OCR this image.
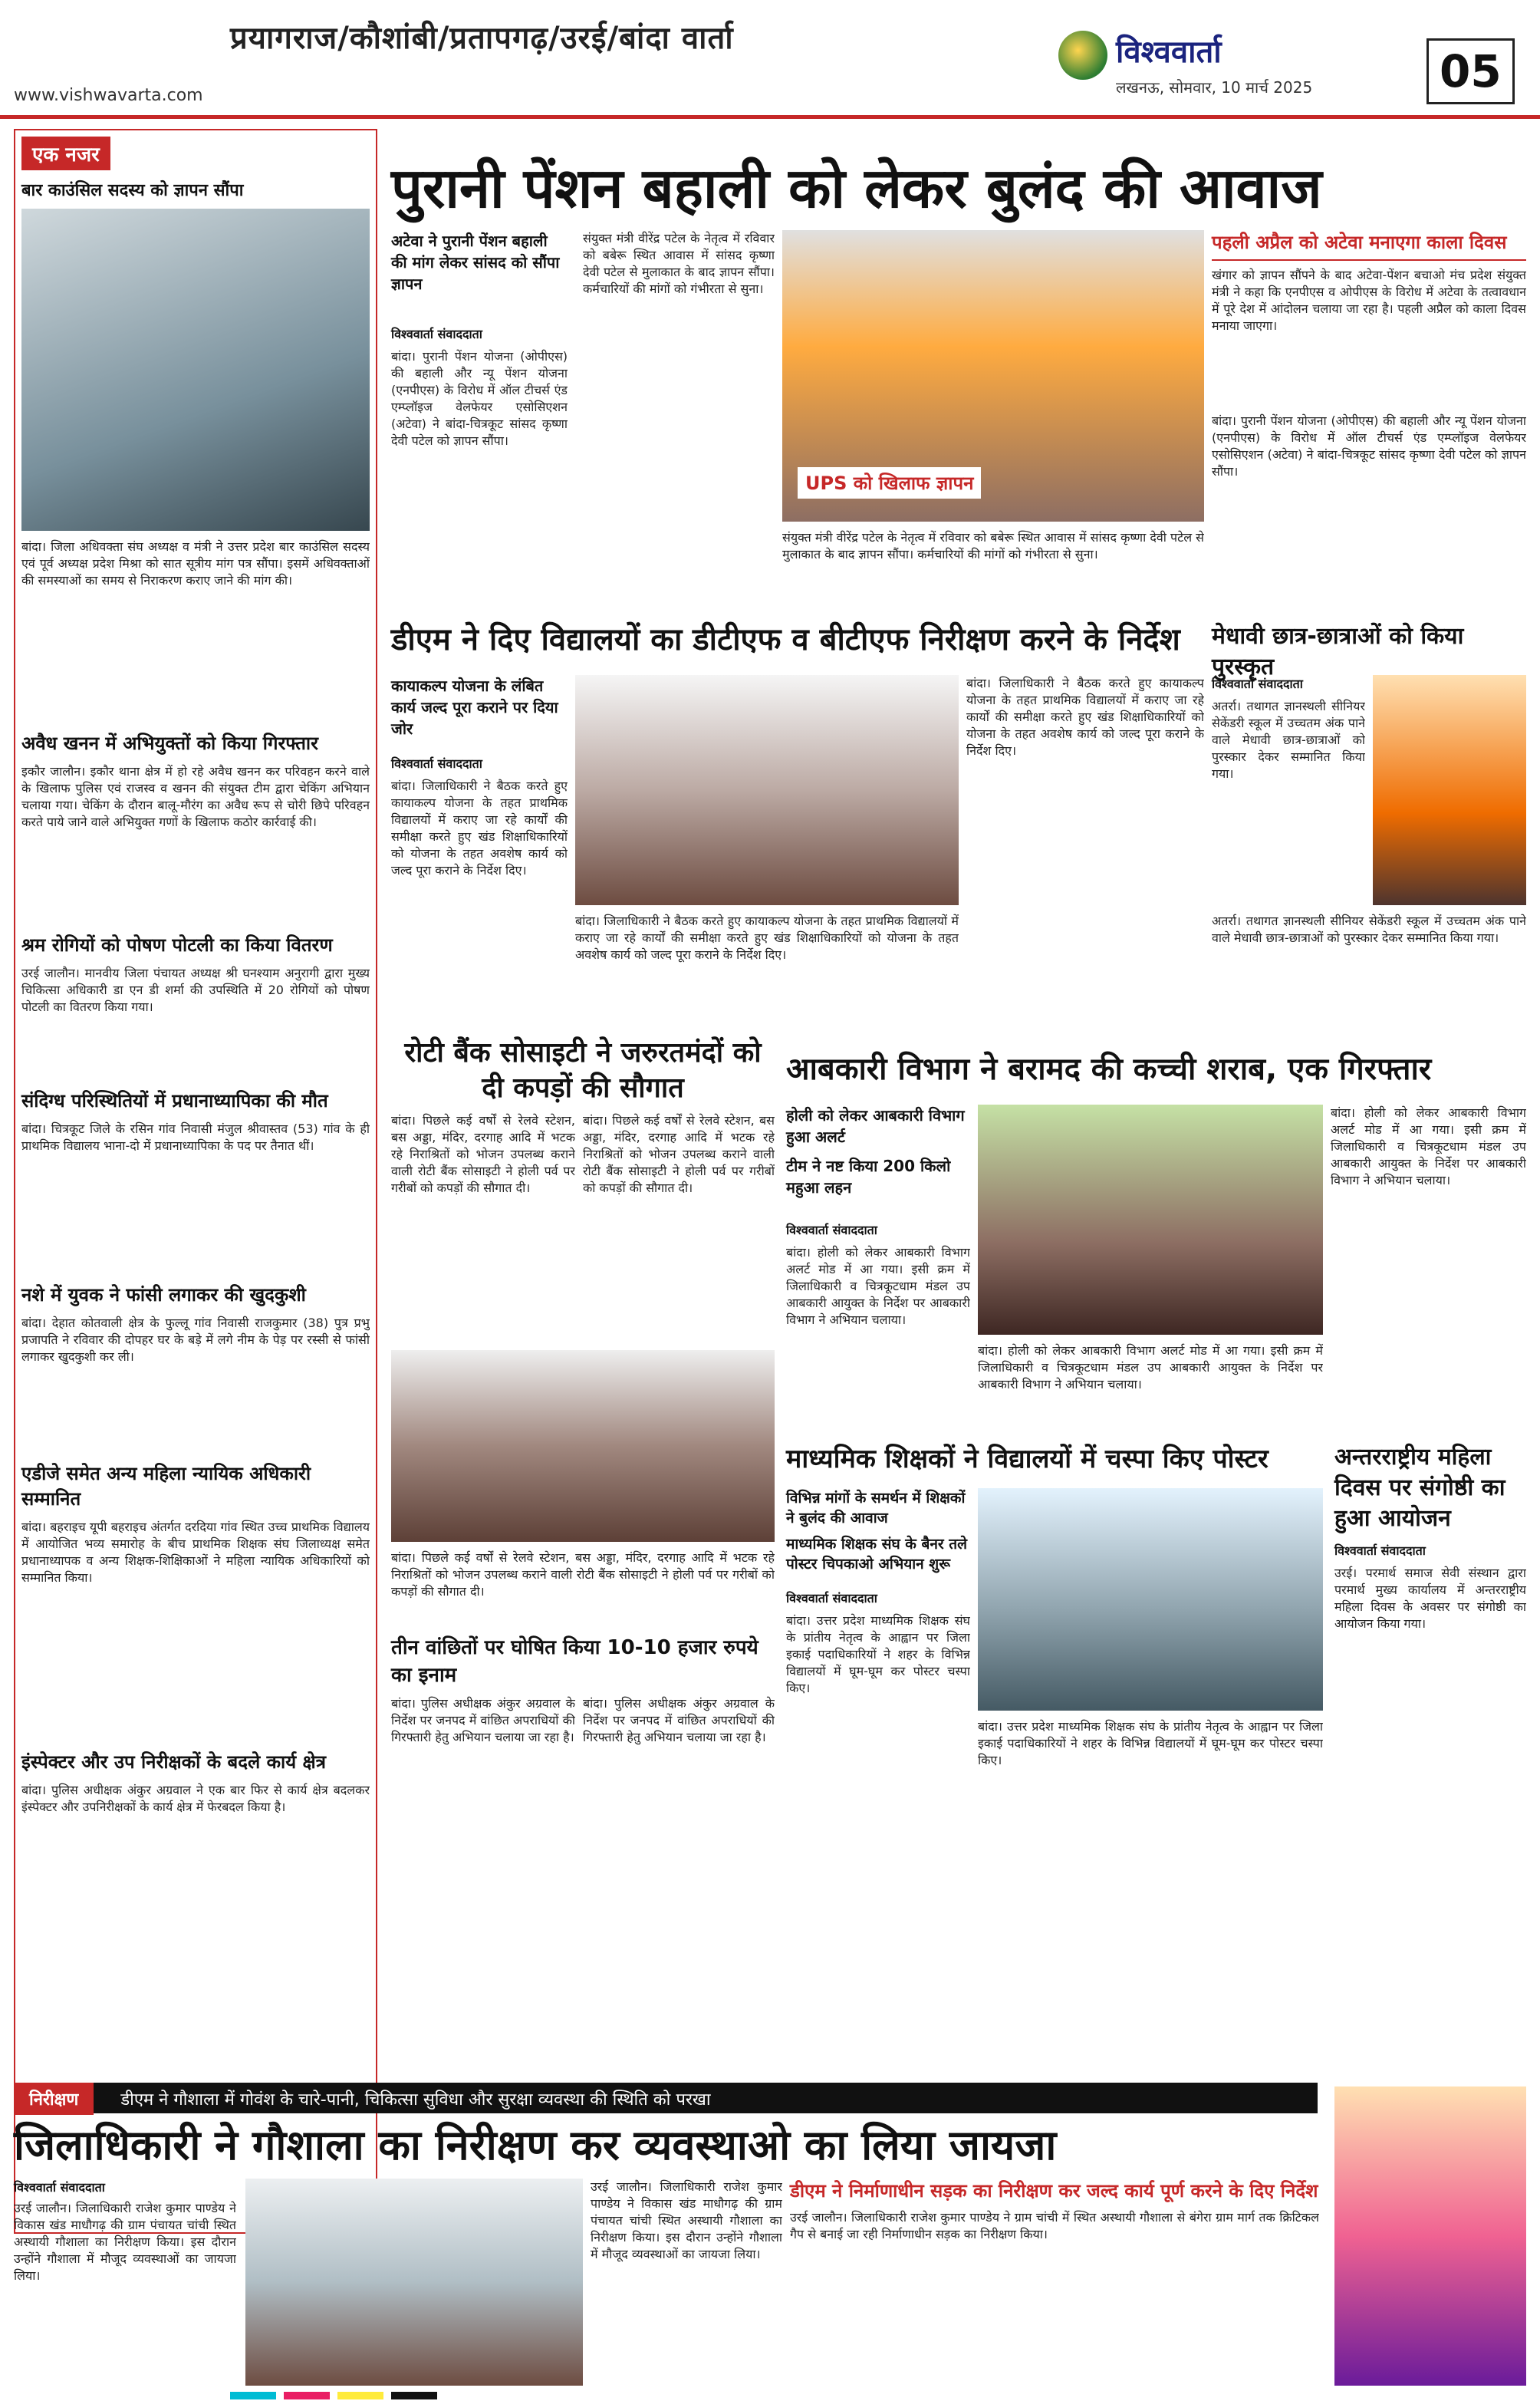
प्रयागराज/कौशांबी/प्रतापगढ़/उरई/बांदा वार्ता
www.vishwavarta.com
विश्ववार्ता
लखनऊ, सोमवार, 10 मार्च 2025	05
एक नजर
बार काउंसिल सदस्य को ज्ञापन सौंपा
बांदा। जिला अधिवक्ता संघ अध्यक्ष व मंत्री ने उत्तर प्रदेश बार काउंसिल सदस्य एवं पूर्व अध्यक्ष प्रदेश मिश्रा को सात सूत्रीय मांग पत्र सौंपा। इसमें अधिवक्ताओं की समस्याओं का समय से निराकरण कराए जाने की मांग की।
अवैध खनन में अभियुक्तों को किया गिरफ्तार
इकौर जालौन। इकौर थाना क्षेत्र में हो रहे अवैध खनन कर परिवहन करने वाले के खिलाफ पुलिस एवं राजस्व व खनन की संयुक्त टीम द्वारा चेकिंग अभियान चलाया गया। चेकिंग के दौरान बालू-मौरंग का अवैध रूप से चोरी छिपे परिवहन करते पाये जाने वाले अभियुक्त गणों के खिलाफ कठोर कार्रवाई की।
श्रम रोगियों को पोषण पोटली का किया वितरण
उरई जालौन। मानवीय जिला पंचायत अध्यक्ष श्री घनश्याम अनुरागी द्वारा मुख्य चिकित्सा अधिकारी डा एन डी शर्मा की उपस्थिति में 20 रोगियों को पोषण पोटली का वितरण किया गया।
संदिग्ध परिस्थितियों में प्रधानाध्यापिका की मौत
बांदा। चित्रकूट जिले के रसिन गांव निवासी मंजुल श्रीवास्तव (53) गांव के ही प्राथमिक विद्यालय भाना-दो में प्रधानाध्यापिका के पद पर तैनात थीं।
नशे में युवक ने फांसी लगाकर की खुदकुशी
बांदा। देहात कोतवाली क्षेत्र के फुल्लू गांव निवासी राजकुमार (38) पुत्र प्रभु प्रजापति ने रविवार की दोपहर घर के बड़े में लगे नीम के पेड़ पर रस्सी से फांसी लगाकर खुदकुशी कर ली।
एडीजे समेत अन्य महिला न्यायिक अधिकारी सम्मानित
बांदा। बहराइच यूपी बहराइच अंतर्गत दरदिया गांव स्थित उच्च प्राथमिक विद्यालय में आयोजित भव्य समारोह के बीच प्राथमिक शिक्षक संघ जिलाध्यक्ष समेत प्रधानाध्यापक व अन्य शिक्षक-शिक्षिकाओं ने महिला न्यायिक अधिकारियों को सम्मानित किया।
इंस्पेक्टर और उप निरीक्षकों के बदले कार्य क्षेत्र
बांदा। पुलिस अधीक्षक अंकुर अग्रवाल ने एक बार फिर से कार्य क्षेत्र बदलकर इंस्पेक्टर और उपनिरीक्षकों के कार्य क्षेत्र में फेरबदल किया है।
पुरानी पेंशन बहाली को लेकर बुलंद की आवाज
अटेवा ने पुरानी पेंशन बहाली की मांग लेकर सांसद को सौंपा ज्ञापन
विश्ववार्ता संवाददाता
बांदा। पुरानी पेंशन योजना (ओपीएस) की बहाली और न्यू पेंशन योजना (एनपीएस) के विरोध में ऑल टीचर्स एंड एम्प्लॉइज वेलफेयर एसोसिएशन (अटेवा) ने बांदा-चित्रकूट सांसद कृष्णा देवी पटेल को ज्ञापन सौंपा।
संयुक्त मंत्री वीरेंद्र पटेल के नेतृत्व में रविवार को बबेरू स्थित आवास में सांसद कृष्णा देवी पटेल से मुलाकात के बाद ज्ञापन सौंपा। कर्मचारियों की मांगों को गंभीरता से सुना।
UPS को खिलाफ ज्ञापन
संयुक्त मंत्री वीरेंद्र पटेल के नेतृत्व में रविवार को बबेरू स्थित आवास में सांसद कृष्णा देवी पटेल से मुलाकात के बाद ज्ञापन सौंपा। कर्मचारियों की मांगों को गंभीरता से सुना।
पहली अप्रैल को अटेवा मनाएगा काला दिवस
खंगार को ज्ञापन सौंपने के बाद अटेवा-पेंशन बचाओ मंच प्रदेश संयुक्त मंत्री ने कहा कि एनपीएस व ओपीएस के विरोध में अटेवा के तत्वावधान में पूरे देश में आंदोलन चलाया जा रहा है। पहली अप्रैल को काला दिवस मनाया जाएगा।
बांदा। पुरानी पेंशन योजना (ओपीएस) की बहाली और न्यू पेंशन योजना (एनपीएस) के विरोध में ऑल टीचर्स एंड एम्प्लॉइज वेलफेयर एसोसिएशन (अटेवा) ने बांदा-चित्रकूट सांसद कृष्णा देवी पटेल को ज्ञापन सौंपा।
डीएम ने दिए विद्यालयों का डीटीएफ व बीटीएफ निरीक्षण करने के निर्देश
कायाकल्प योजना के लंबित कार्य जल्द पूरा कराने पर दिया जोर
विश्ववार्ता संवाददाता
बांदा। जिलाधिकारी ने बैठक करते हुए कायाकल्प योजना के तहत प्राथमिक विद्यालयों में कराए जा रहे कार्यों की समीक्षा करते हुए खंड शिक्षाधिकारियों को योजना के तहत अवशेष कार्य को जल्द पूरा कराने के निर्देश दिए।
बांदा। जिलाधिकारी ने बैठक करते हुए कायाकल्प योजना के तहत प्राथमिक विद्यालयों में कराए जा रहे कार्यों की समीक्षा करते हुए खंड शिक्षाधिकारियों को योजना के तहत अवशेष कार्य को जल्द पूरा कराने के निर्देश दिए।
बांदा। जिलाधिकारी ने बैठक करते हुए कायाकल्प योजना के तहत प्राथमिक विद्यालयों में कराए जा रहे कार्यों की समीक्षा करते हुए खंड शिक्षाधिकारियों को योजना के तहत अवशेष कार्य को जल्द पूरा कराने के निर्देश दिए।
मेधावी छात्र-छात्राओं को किया पुरस्कृत
विश्ववार्ता संवाददाता
अतर्रा। तथागत ज्ञानस्थली सीनियर सेकेंडरी स्कूल में उच्चतम अंक पाने वाले मेधावी छात्र-छात्राओं को पुरस्कार देकर सम्मानित किया गया।
अतर्रा। तथागत ज्ञानस्थली सीनियर सेकेंडरी स्कूल में उच्चतम अंक पाने वाले मेधावी छात्र-छात्राओं को पुरस्कार देकर सम्मानित किया गया।
रोटी बैंक सोसाइटी ने जरुरतमंदों को दी कपड़ों की सौगात
बांदा। पिछले कई वर्षों से रेलवे स्टेशन, बस अड्डा, मंदिर, दरगाह आदि में भटक रहे निराश्रितों को भोजन उपलब्ध कराने वाली रोटी बैंक सोसाइटी ने होली पर्व पर गरीबों को कपड़ों की सौगात दी।
बांदा। पिछले कई वर्षों से रेलवे स्टेशन, बस अड्डा, मंदिर, दरगाह आदि में भटक रहे निराश्रितों को भोजन उपलब्ध कराने वाली रोटी बैंक सोसाइटी ने होली पर्व पर गरीबों को कपड़ों की सौगात दी।
बांदा। पिछले कई वर्षों से रेलवे स्टेशन, बस अड्डा, मंदिर, दरगाह आदि में भटक रहे निराश्रितों को भोजन उपलब्ध कराने वाली रोटी बैंक सोसाइटी ने होली पर्व पर गरीबों को कपड़ों की सौगात दी।
आबकारी विभाग ने बरामद की कच्ची शराब, एक गिरफ्तार
होली को लेकर आबकारी विभाग हुआ अलर्ट
टीम ने नष्ट किया 200 किलो महुआ लहन
विश्ववार्ता संवाददाता
बांदा। होली को लेकर आबकारी विभाग अलर्ट मोड में आ गया। इसी क्रम में जिलाधिकारी व चित्रकूटधाम मंडल उप आबकारी आयुक्त के निर्देश पर आबकारी विभाग ने अभियान चलाया।
बांदा। होली को लेकर आबकारी विभाग अलर्ट मोड में आ गया। इसी क्रम में जिलाधिकारी व चित्रकूटधाम मंडल उप आबकारी आयुक्त के निर्देश पर आबकारी विभाग ने अभियान चलाया।
बांदा। होली को लेकर आबकारी विभाग अलर्ट मोड में आ गया। इसी क्रम में जिलाधिकारी व चित्रकूटधाम मंडल उप आबकारी आयुक्त के निर्देश पर आबकारी विभाग ने अभियान चलाया।
तीन वांछितों पर घोषित किया 10-10 हजार रुपये का इनाम
बांदा। पुलिस अधीक्षक अंकुर अग्रवाल के निर्देश पर जनपद में वांछित अपराधियों की गिरफ्तारी हेतु अभियान चलाया जा रहा है।
बांदा। पुलिस अधीक्षक अंकुर अग्रवाल के निर्देश पर जनपद में वांछित अपराधियों की गिरफ्तारी हेतु अभियान चलाया जा रहा है।
माध्यमिक शिक्षकों ने विद्यालयों में चस्पा किए पोस्टर
विभिन्न मांगों के समर्थन में शिक्षकों ने बुलंद की आवाज
माध्यमिक शिक्षक संघ के बैनर तले पोस्टर चिपकाओ अभियान शुरू
विश्ववार्ता संवाददाता
बांदा। उत्तर प्रदेश माध्यमिक शिक्षक संघ के प्रांतीय नेतृत्व के आह्वान पर जिला इकाई पदाधिकारियों ने शहर के विभिन्न विद्यालयों में घूम-घूम कर पोस्टर चस्पा किए।
बांदा। उत्तर प्रदेश माध्यमिक शिक्षक संघ के प्रांतीय नेतृत्व के आह्वान पर जिला इकाई पदाधिकारियों ने शहर के विभिन्न विद्यालयों में घूम-घूम कर पोस्टर चस्पा किए।
अन्तरराष्ट्रीय महिला दिवस पर संगोष्ठी का हुआ आयोजन
विश्ववार्ता संवाददाता
उरई। परमार्थ समाज सेवी संस्थान द्वारा परमार्थ मुख्य कार्यालय में अन्तरराष्ट्रीय महिला दिवस के अवसर पर संगोष्ठी का आयोजन किया गया।
निरीक्षण	डीएम ने गौशाला में गोवंश के चारे-पानी, चिकित्सा सुविधा और सुरक्षा व्यवस्था की स्थिति को परखा
जिलाधिकारी ने गौशाला का निरीक्षण कर व्यवस्थाओ का लिया जायजा
विश्ववार्ता संवाददाता
उरई जालौन। जिलाधिकारी राजेश कुमार पाण्डेय ने विकास खंड माधौगढ़ की ग्राम पंचायत चांची स्थित अस्थायी गौशाला का निरीक्षण किया। इस दौरान उन्होंने गौशाला में मौजूद व्यवस्थाओं का जायजा लिया।
उरई जालौन। जिलाधिकारी राजेश कुमार पाण्डेय ने विकास खंड माधौगढ़ की ग्राम पंचायत चांची स्थित अस्थायी गौशाला का निरीक्षण किया। इस दौरान उन्होंने गौशाला में मौजूद व्यवस्थाओं का जायजा लिया।
डीएम ने निर्माणाधीन सड़क का निरीक्षण कर जल्द कार्य पूर्ण करने के दिए निर्देश
उरई जालौन। जिलाधिकारी राजेश कुमार पाण्डेय ने ग्राम चांची में स्थित अस्थायी गौशाला से बंगेरा ग्राम मार्ग तक क्रिटिकल गैप से बनाई जा रही निर्माणाधीन सड़क का निरीक्षण किया।
